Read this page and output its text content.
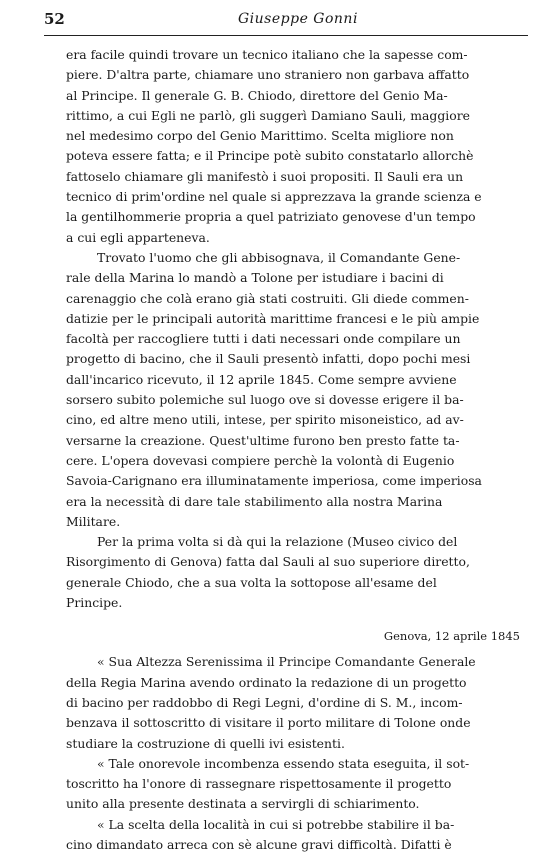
52	Giuseppe Gonni

era facile quindi trovare un tecnico italiano che la sapesse com-
piere. D'altra parte, chiamare uno straniero non garbava affatto
al Principe. Il generale G. B. Chiodo, direttore del Genio Ma-
rittimo, a cui Egli ne parlò, gli suggerì Damiano Sauli, maggiore
nel medesimo corpo del Genio Marittimo. Scelta migliore non
poteva essere fatta; e il Principe potè subito constatarlo allorchè
fattoselo chiamare gli manifestò i suoi propositi. Il Sauli era un
tecnico di prim'ordine nel quale si apprezzava la grande scienza e
la gentilhommerie propria a quel patriziato genovese d'un tempo
a cui egli apparteneva.

Trovato l'uomo che gli abbisognava, il Comandante Gene-
rale della Marina lo mandò a Tolone per istudiare i bacini di
carenaggio che colà erano già stati costruiti. Gli diede commen-
datizie per le principali autorità marittime francesi e le più ampie
facoltà per raccogliere tutti i dati necessari onde compilare un
progetto di bacino, che il Sauli presentò infatti, dopo pochi mesi
dall'incarico ricevuto, il 12 aprile 1845. Come sempre avviene
sorsero subito polemiche sul luogo ove si dovesse erigere il ba-
cino, ed altre meno utili, intese, per spirito misoneistico, ad av-
versarne la creazione. Quest'ultime furono ben presto fatte ta-
cere. L'opera dovevasi compiere perchè la volontà di Eugenio
Savoia-Carignano era illuminatamente imperiosa, come imperiosa
era la necessità di dare tale stabilimento alla nostra Marina
Militare.

Per la prima volta si dà qui la relazione (Museo civico del
Risorgimento di Genova) fatta dal Sauli al suo superiore diretto,
generale Chiodo, che a sua volta la sottopose all'esame del
Principe.

Genova, 12 aprile 1845

« Sua Altezza Serenissima il Principe Comandante Generale
della Regia Marina avendo ordinato la redazione di un progetto
di bacino per raddobbo di Regi Legni, d'ordine di S. M., incom-
benzava il sottoscritto di visitare il porto militare di Tolone onde
studiare la costruzione di quelli ivi esistenti.

« Tale onorevole incombenza essendo stata eseguita, il sot-
toscritto ha l'onore di rassegnare rispettosamente il progetto
unito alla presente destinata a servirgli di schiarimento.

« La scelta della località in cui si potrebbe stabilire il ba-
cino dimandato arreca con sè alcune gravi difficoltà. Difatti è
